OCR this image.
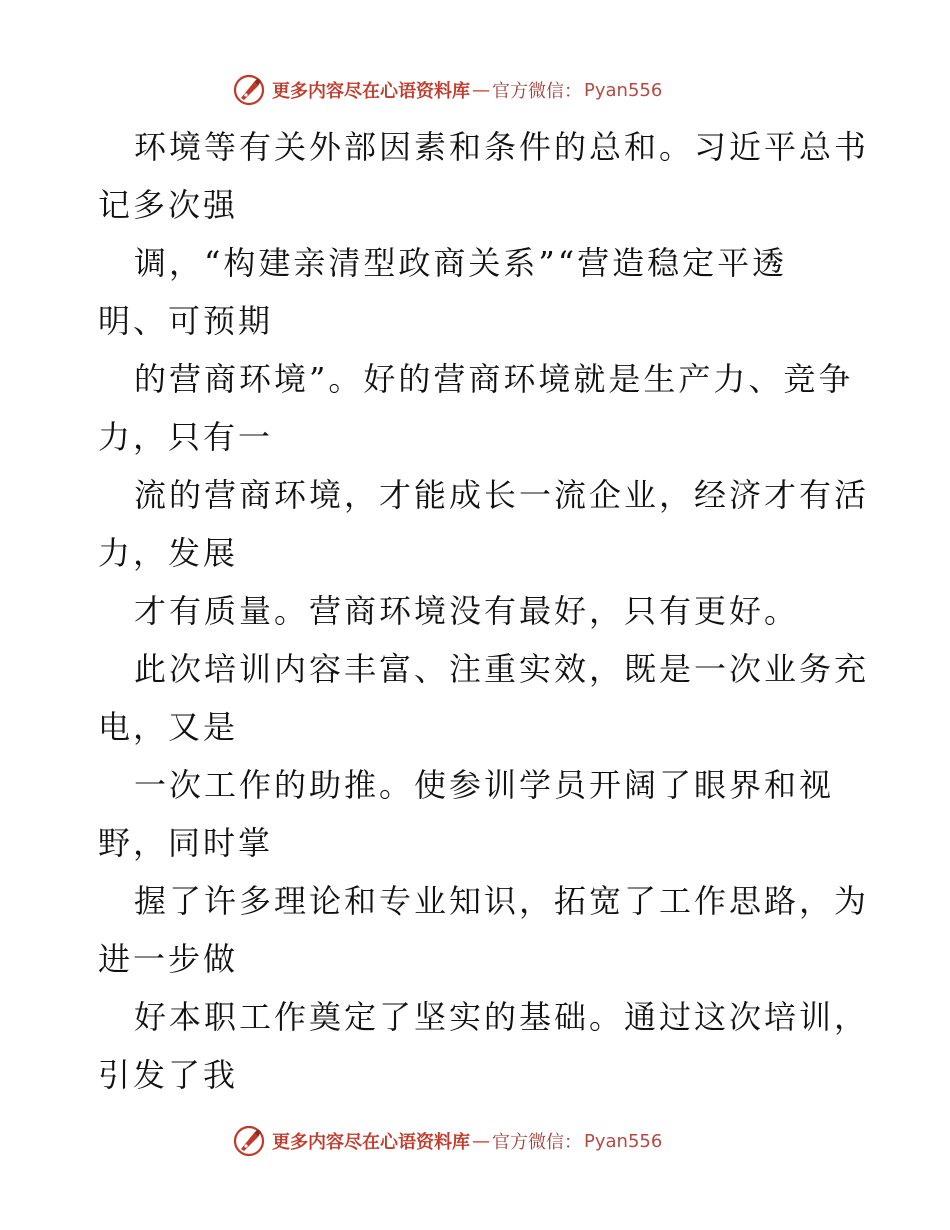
更多内容尽在心语资料库 — 官方微信： Pyan556

环境等有关外部因素和条件的总和。习近平总书

记多次强

调，“构建亲清型政商关系”“营造稳定平透

明、可预期

的营商环境”。好的营商环境就是生产力、竞争

力，只有一

流的营商环境，才能成长一流企业，经济才有活

力，发展

才有质量。营商环境没有最好，只有更好。

此次培训内容丰富、注重实效，既是一次业务充

电，又是

一次工作的助推。使参训学员开阔了眼界和视

野，同时掌

握了许多理论和专业知识，拓宽了工作思路，为

进一步做

好本职工作奠定了坚实的基础。通过这次培训，

引发了我

更多内容尽在心语资料库 — 官方微信： Pyan556
